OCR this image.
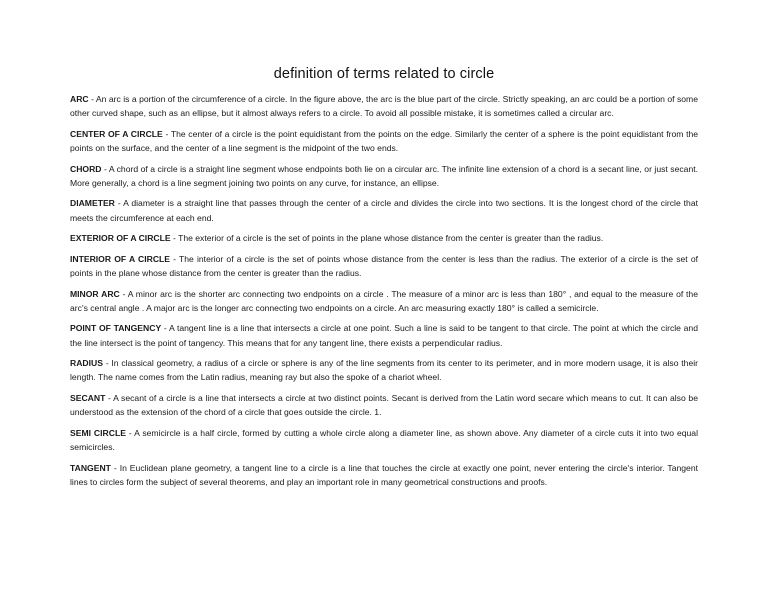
definition of terms related to circle

ARC - An arc is a portion of the circumference of a circle. In the figure above, the arc is the blue part of the circle. Strictly speaking, an arc could be a portion of some other curved shape, such as an ellipse, but it almost always refers to a circle. To avoid all possible mistake, it is sometimes called a circular arc.

CENTER OF A CIRCLE - The center of a circle is the point equidistant from the points on the edge. Similarly the center of a sphere is the point equidistant from the points on the surface, and the center of a line segment is the midpoint of the two ends.

CHORD - A chord of a circle is a straight line segment whose endpoints both lie on a circular arc. The infinite line extension of a chord is a secant line, or just secant. More generally, a chord is a line segment joining two points on any curve, for instance, an ellipse.

DIAMETER - A diameter is a straight line that passes through the center of a circle and divides the circle into two sections. It is the longest chord of the circle that meets the circumference at each end.

EXTERIOR OF A CIRCLE - The exterior of a circle is the set of points in the plane whose distance from the center is greater than the radius.

INTERIOR OF A CIRCLE - The interior of a circle is the set of points whose distance from the center is less than the radius. The exterior of a circle is the set of points in the plane whose distance from the center is greater than the radius.

MINOR ARC - A minor arc is the shorter arc connecting two endpoints on a circle . The measure of a minor arc is less than 180° , and equal to the measure of the arc's central angle . A major arc is the longer arc connecting two endpoints on a circle. An arc measuring exactly 180° is called a semicircle.

POINT OF TANGENCY - A tangent line is a line that intersects a circle at one point. Such a line is said to be tangent to that circle. The point at which the circle and the line intersect is the point of tangency. This means that for any tangent line, there exists a perpendicular radius.

RADIUS - In classical geometry, a radius of a circle or sphere is any of the line segments from its center to its perimeter, and in more modern usage, it is also their length. The name comes from the Latin radius, meaning ray but also the spoke of a chariot wheel.

SECANT - A secant of a circle is a line that intersects a circle at two distinct points. Secant is derived from the Latin word secare which means to cut. It can also be understood as the extension of the chord of a circle that goes outside the circle. 1.

SEMI CIRCLE - A semicircle is a half circle, formed by cutting a whole circle along a diameter line, as shown above. Any diameter of a circle cuts it into two equal semicircles.

TANGENT - In Euclidean plane geometry, a tangent line to a circle is a line that touches the circle at exactly one point, never entering the circle's interior. Tangent lines to circles form the subject of several theorems, and play an important role in many geometrical constructions and proofs.
